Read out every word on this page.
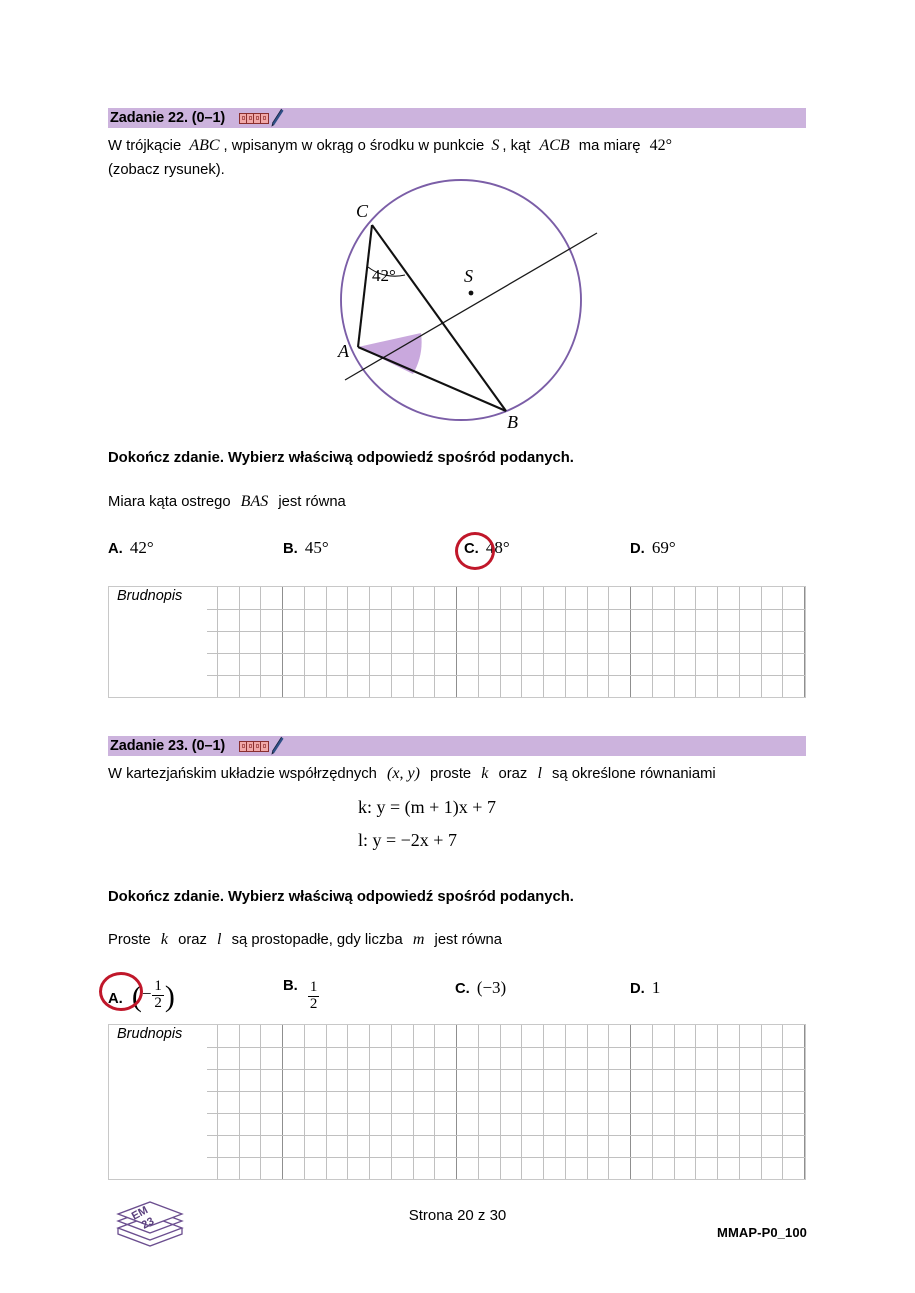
Zadanie 22. (0–1)
W trójkącie ABC , wpisanym w okrąg o środku w punkcie S , kąt ACB ma miarę 42°
(zobacz rysunek).
C
A
B
S
42°
Dokończ zdanie. Wybierz właściwą odpowiedź spośród podanych.
Miara kąta ostrego BAS jest równa
A. 42°	B. 45°	C. 48°	D. 69°
Brudnopis
Zadanie 23. (0–1)
W kartezjańskim układzie współrzędnych (x, y) proste k oraz l są określone równaniami
k: y = (m + 1)x + 7
l: y = −2x + 7
Dokończ zdanie. Wybierz właściwą odpowiedź spośród podanych.
Proste k oraz l są prostopadłe, gdy liczba m jest równa
A. ( − $\frac{1}{2}$ )	B. $\frac{1}{2}$	C. (−3)	D. 1
Brudnopis
EM
23	Strona 20 z 30
MMAP-P0_100
